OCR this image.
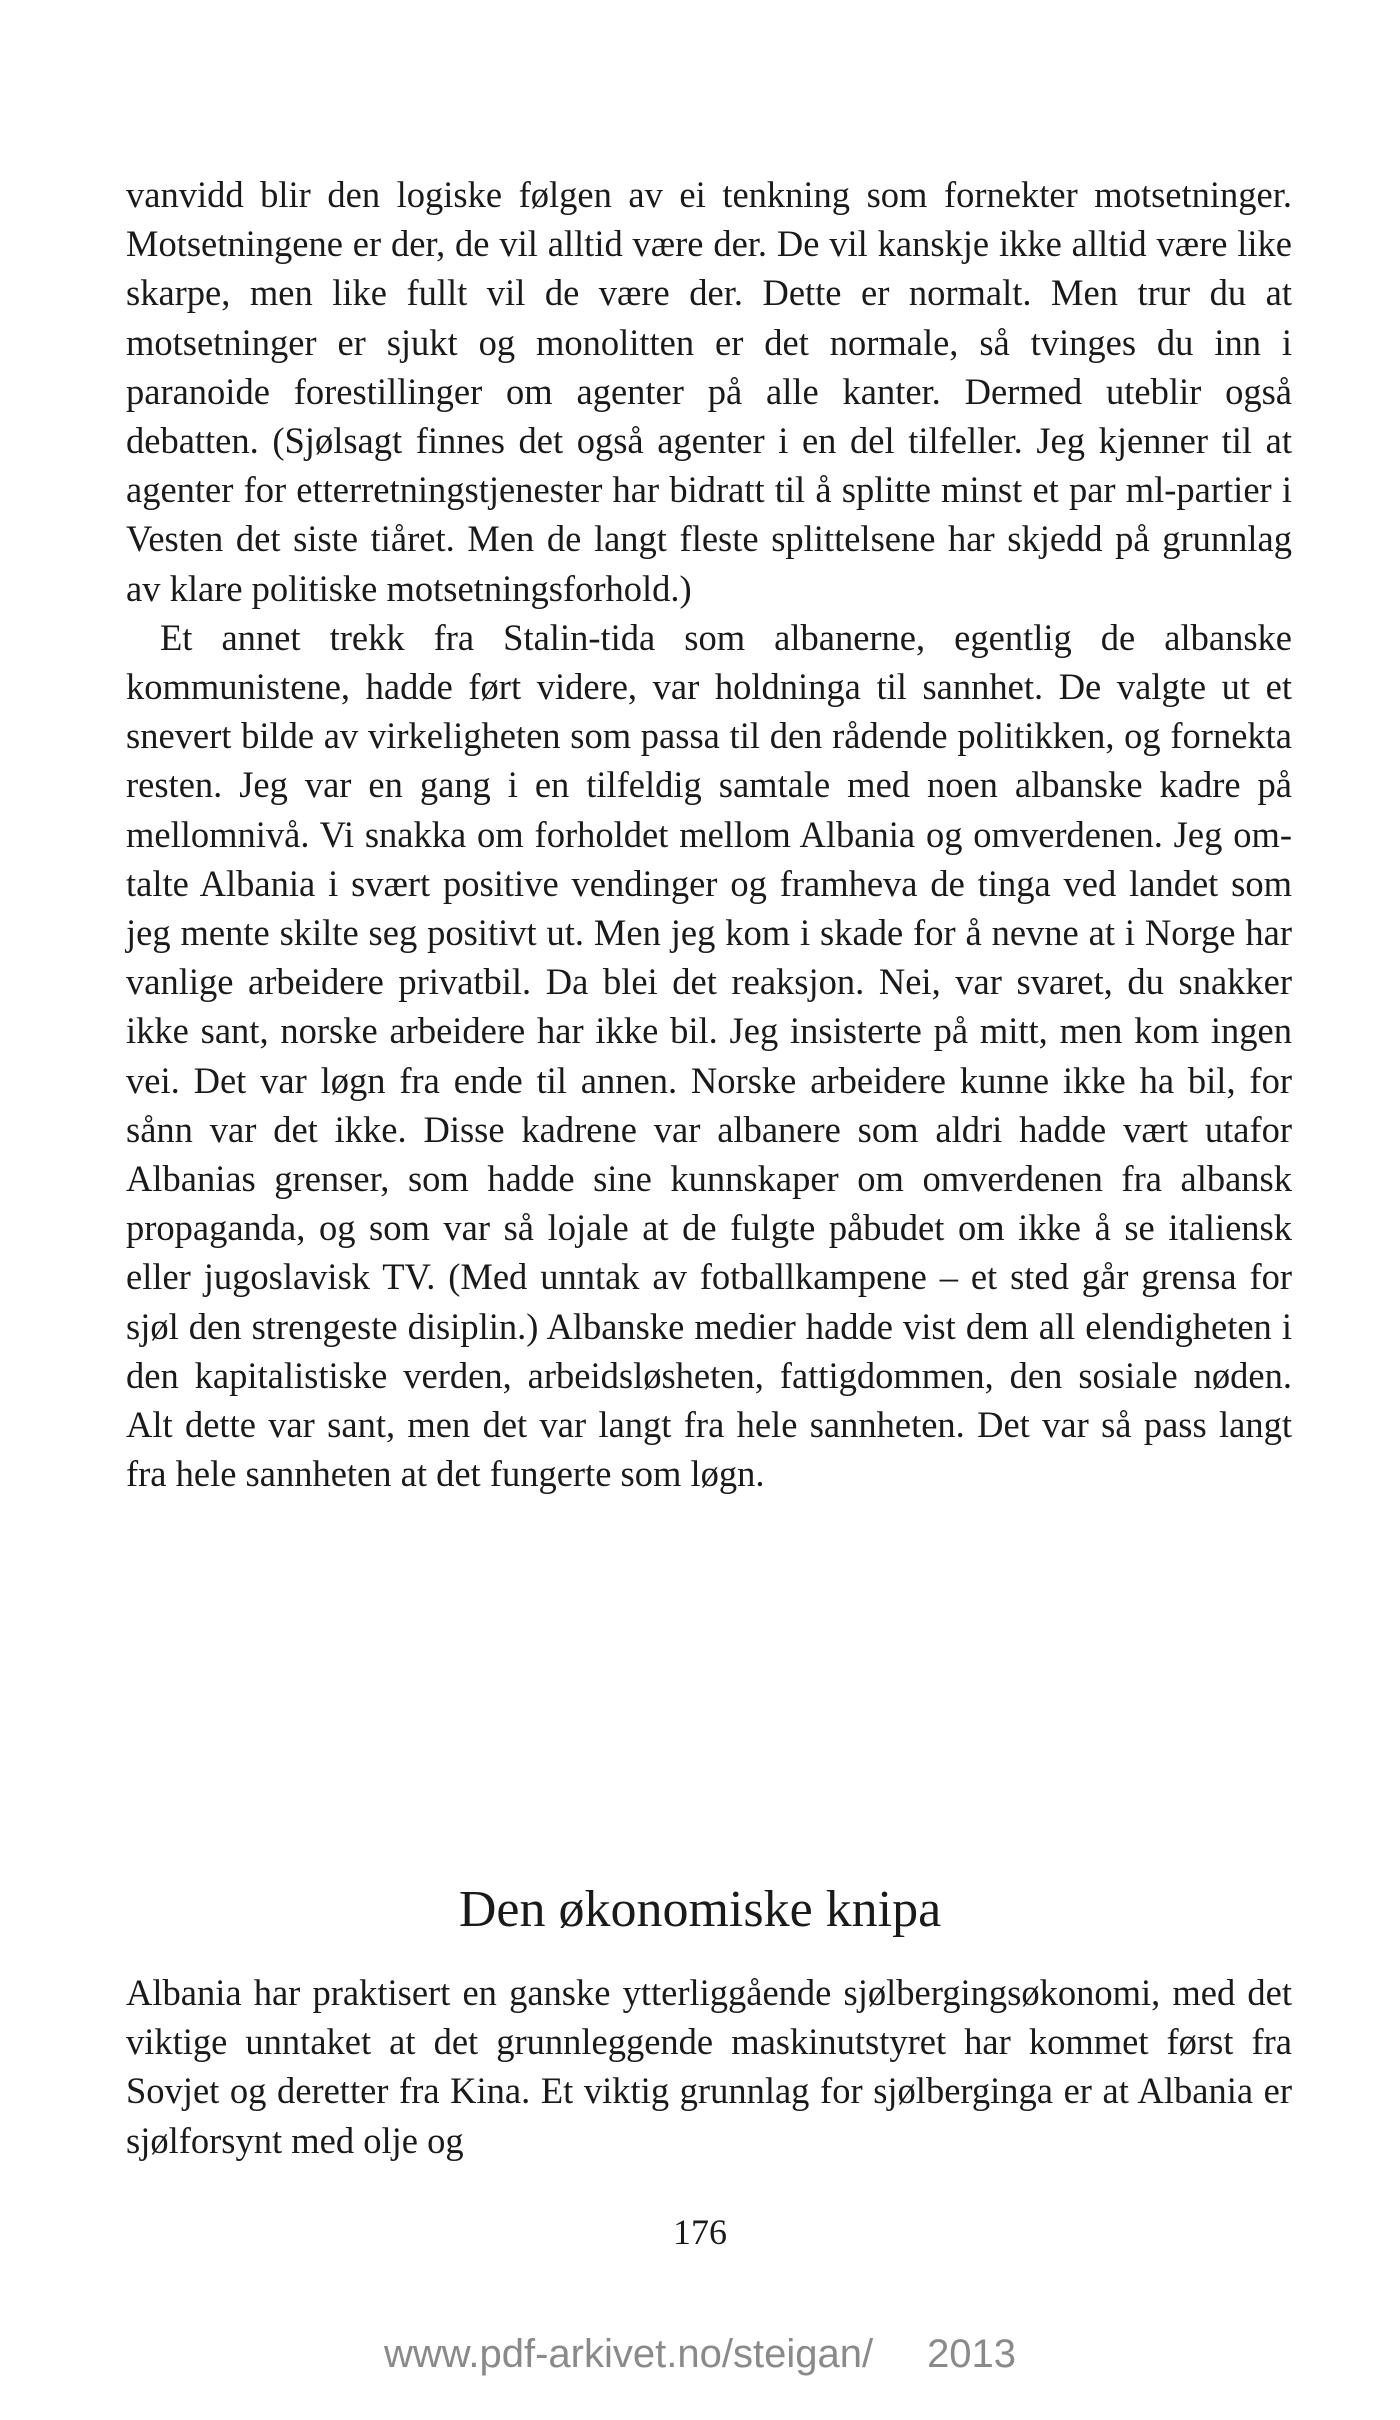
vanvidd blir den logiske følgen av ei tenkning som fornekter motsetninger. Motsetningene er der, de vil alltid være der. De vil kanskje ikke alltid være like skarpe, men like fullt vil de være der. Dette er normalt. Men trur du at motsetninger er sjukt og monolitten er det normale, så tvinges du inn i paranoide forestillinger om agenter på alle kanter. Dermed uteblir også debatten. (Sjølsagt finnes det også agenter i en del tilfeller. Jeg kjenner til at agenter for etterretningstjenester har bidratt til å splitte minst et par ml-partier i Vesten det siste tiåret. Men de langt fleste splittelsene har skjedd på grunnlag av klare politiske motsetningsforhold.)

Et annet trekk fra Stalin-tida som albanerne, egentlig de albanske kommunistene, hadde ført videre, var holdninga til sannhet. De valgte ut et snevert bilde av virkeligheten som passa til den rådende politikken, og fornekta resten. Jeg var en gang i en tilfeldig samtale med noen albanske kadre på mellomnivå. Vi snakka om forholdet mellom Albania og omverdenen. Jeg omtalte Albania i svært positive vendinger og framheva de tinga ved landet som jeg mente skilte seg positivt ut. Men jeg kom i skade for å nevne at i Norge har vanlige arbeidere privatbil. Da blei det reaksjon. Nei, var svaret, du snakker ikke sant, norske arbeidere har ikke bil. Jeg insisterte på mitt, men kom ingen vei. Det var løgn fra ende til annen. Norske arbeidere kunne ikke ha bil, for sånn var det ikke. Disse kadrene var albanere som aldri hadde vært utafor Albanias grenser, som hadde sine kunnskaper om omverdenen fra albansk propaganda, og som var så lojale at de fulgte påbudet om ikke å se italiensk eller jugoslavisk TV. (Med unntak av fotballkampene – et sted går grensa for sjøl den strengeste disiplin.) Albanske medier hadde vist dem all elendigheten i den kapitalistiske verden, arbeidsløsheten, fattigdommen, den sosiale nøden. Alt dette var sant, men det var langt fra hele sannheten. Det var så pass langt fra hele sannheten at det fungerte som løgn.

Den økonomiske knipa

Albania har praktisert en ganske ytterliggående sjølbergingsøkonomi, med det viktige unntaket at det grunnleggende maskinutstyret har kommet først fra Sovjet og deretter fra Kina. Et viktig grunnlag for sjølberginga er at Albania er sjølforsynt med olje og

176
www.pdf-arkivet.no/steigan/ 2013
